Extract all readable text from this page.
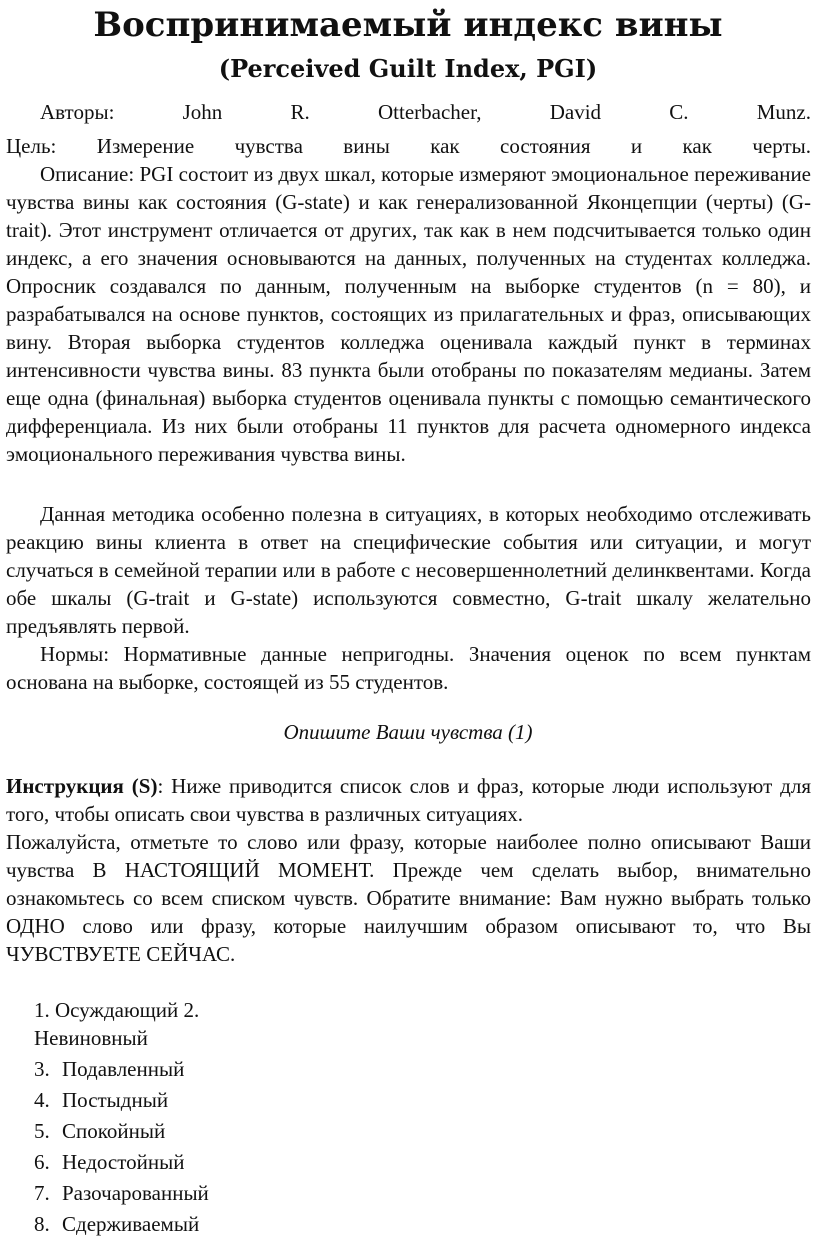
Воспринимаемый индекс вины
(Perceived Guilt Index, PGI)

Авторы: John R. Otterbacher, David C. Munz.

Цель: Измерение чувства вины как состояния и как черты.

Описание: PGI состоит из двух шкал, которые измеряют эмоциональное переживание чувства вины как состояния (G-state) и как генерализованной Яконцепции (черты) (G-trait). Этот инструмент отличается от других, так как в нем подсчитывается только один индекс, а его значения основываются на данных, полученных на студентах колледжа. Опросник создавался по данным, полученным на выборке студентов (n = 80), и разрабатывался на основе пунктов, состоящих из прилагательных и фраз, описывающих вину. Вторая выборка студентов колледжа оценивала каждый пункт в терминах интенсивности чувства вины. 83 пункта были отобраны по показателям медианы. Затем еще одна (финальная) выборка студентов оценивала пункты с помощью семантического дифференциала. Из них были отобраны 11 пунктов для расчета одномерного индекса эмоционального переживания чувства вины.

Данная методика особенно полезна в ситуациях, в которых необходимо отслеживать реакцию вины клиента в ответ на специфические события или ситуации, и могут случаться в семейной терапии или в работе с несовершеннолетний делинквентами. Когда обе шкалы (G-trait и G-state) используются совместно, G-trait шкалу желательно предъявлять первой.

Нормы: Нормативные данные непригодны. Значения оценок по всем пунктам основана на выборке, состоящей из 55 студентов.

Опишите Ваши чувства (1)

Инструкция (S): Ниже приводится список слов и фраз, которые люди используют для того, чтобы описать свои чувства в различных ситуациях.

Пожалуйста, отметьте то слово или фразу, которые наиболее полно описывают Ваши чувства В НАСТОЯЩИЙ МОМЕНТ. Прежде чем сделать выбор, внимательно ознакомьтесь со всем списком чувств. Обратите внимание: Вам нужно выбрать только ОДНО слово или фразу, которые наилучшим образом описывают то, что Вы ЧУВСТВУЕТЕ СЕЙЧАС.

1. Осуждающий 2.
Невиновный
3. Подавленный
4. Постыдный
5. Спокойный
6. Недостойный
7. Разочарованный
8. Сдерживаемый
